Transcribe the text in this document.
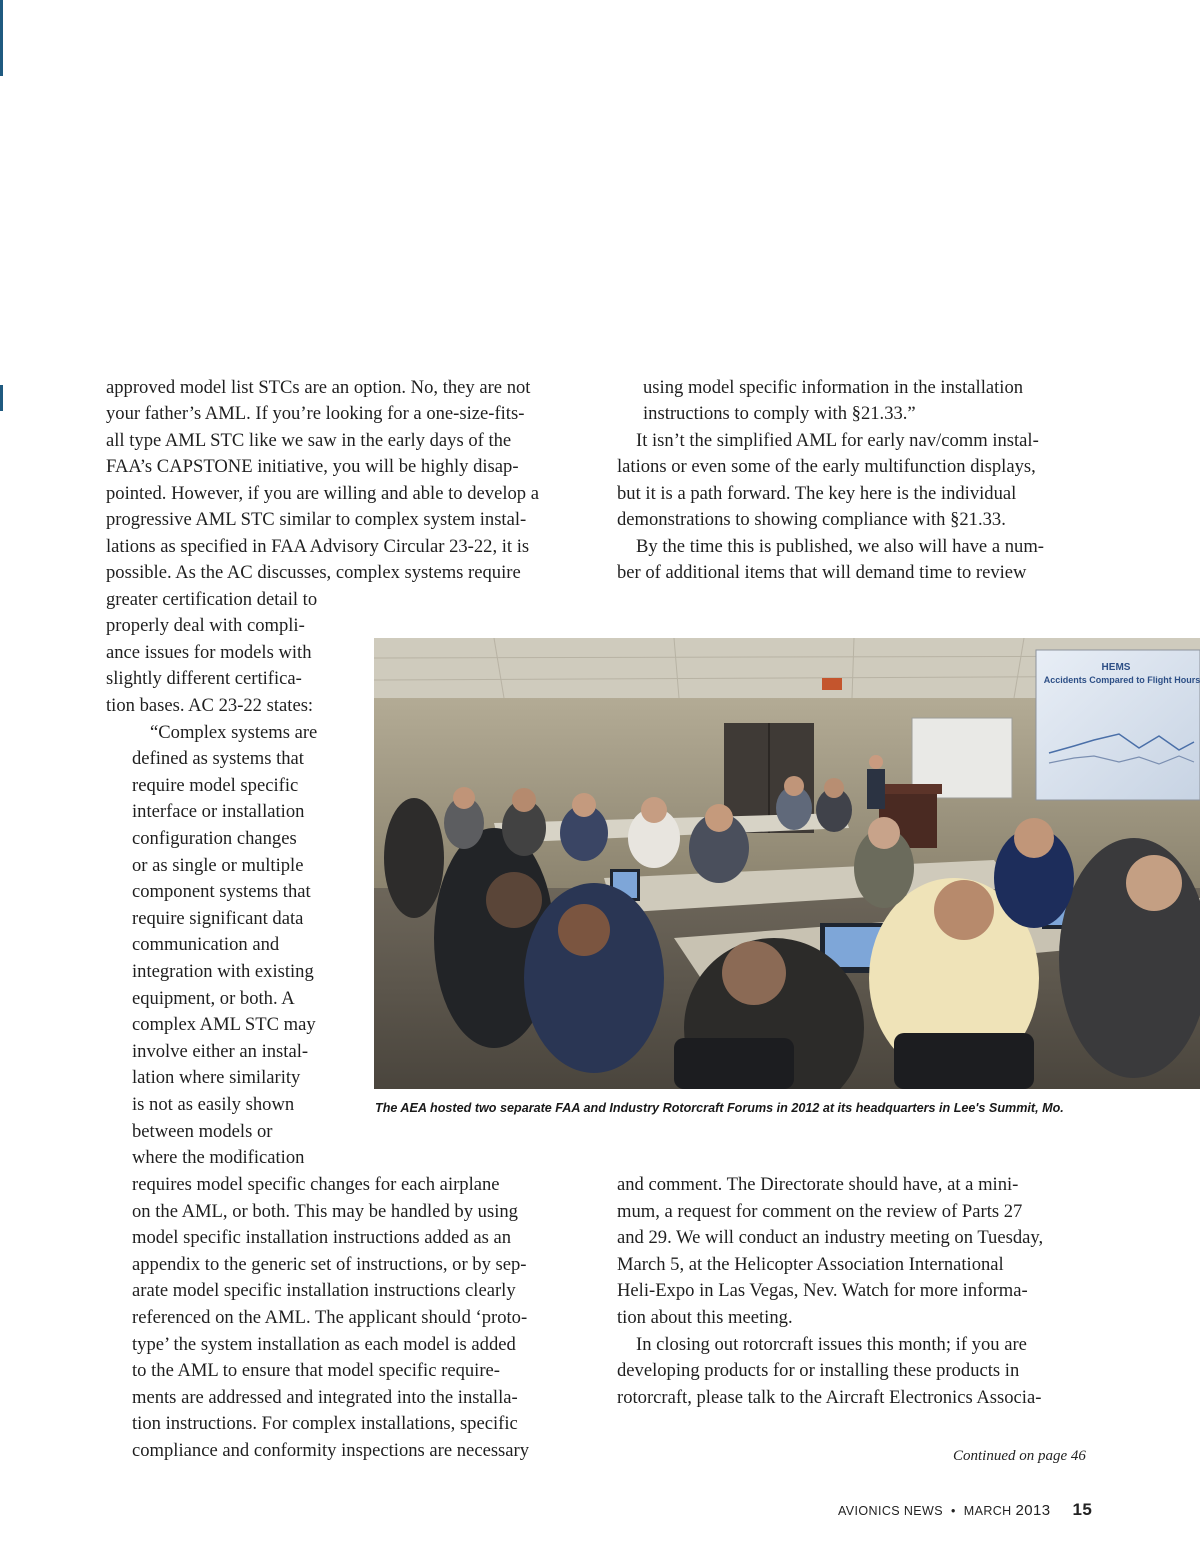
approved model list STCs are an option. No, they are not
your father’s AML. If you’re looking for a one-size-fits-
all type AML STC like we saw in the early days of the
FAA’s CAPSTONE initiative, you will be highly disap-
pointed. However, if you are willing and able to develop a
progressive AML STC similar to complex system instal-
lations as specified in FAA Advisory Circular 23-22, it is
possible. As the AC discusses, complex systems require
greater certification detail to
properly deal with compli-
ance issues for models with
slightly different certifica-
tion bases. AC 23-22 states:
“Complex systems are
defined as systems that
require model specific
interface or installation
configuration changes
or as single or multiple
component systems that
require significant data
communication and
integration with existing
equipment, or both. A
complex AML STC may
involve either an instal-
lation where similarity
is not as easily shown
between models or
where the modification
requires model specific changes for each airplane
on the AML, or both. This may be handled by using
model specific installation instructions added as an
appendix to the generic set of instructions, or by sep-
arate model specific installation instructions clearly
referenced on the AML. The applicant should ‘proto-
type’ the system installation as each model is added
to the AML to ensure that model specific require-
ments are addressed and integrated into the installa-
tion instructions. For complex installations, specific
compliance and conformity inspections are necessary
using model specific information in the installation
instructions to comply with §21.33.”
It isn’t the simplified AML for early nav/comm instal-
lations or even some of the early multifunction displays,
but it is a path forward. The key here is the individual
demonstrations to showing compliance with §21.33.
By the time this is published, we also will have a num-
ber of additional items that will demand time to review
and comment. The Directorate should have, at a mini-
mum, a request for comment on the review of Parts 27
and 29. We will conduct an industry meeting on Tuesday,
March 5, at the Helicopter Association International
Heli-Expo in Las Vegas, Nev. Watch for more informa-
tion about this meeting.
In closing out rotorcraft issues this month; if you are
developing products for or installing these products in
rotorcraft, please talk to the Aircraft Electronics Associa-
HEMS
Accidents Compared to Flight Hours
The AEA hosted two separate FAA and Industry Rotorcraft Forums in 2012 at its headquarters in Lee's Summit, Mo.
Continued on page 46
AVIONICS NEWS • MARCH 2013 15
